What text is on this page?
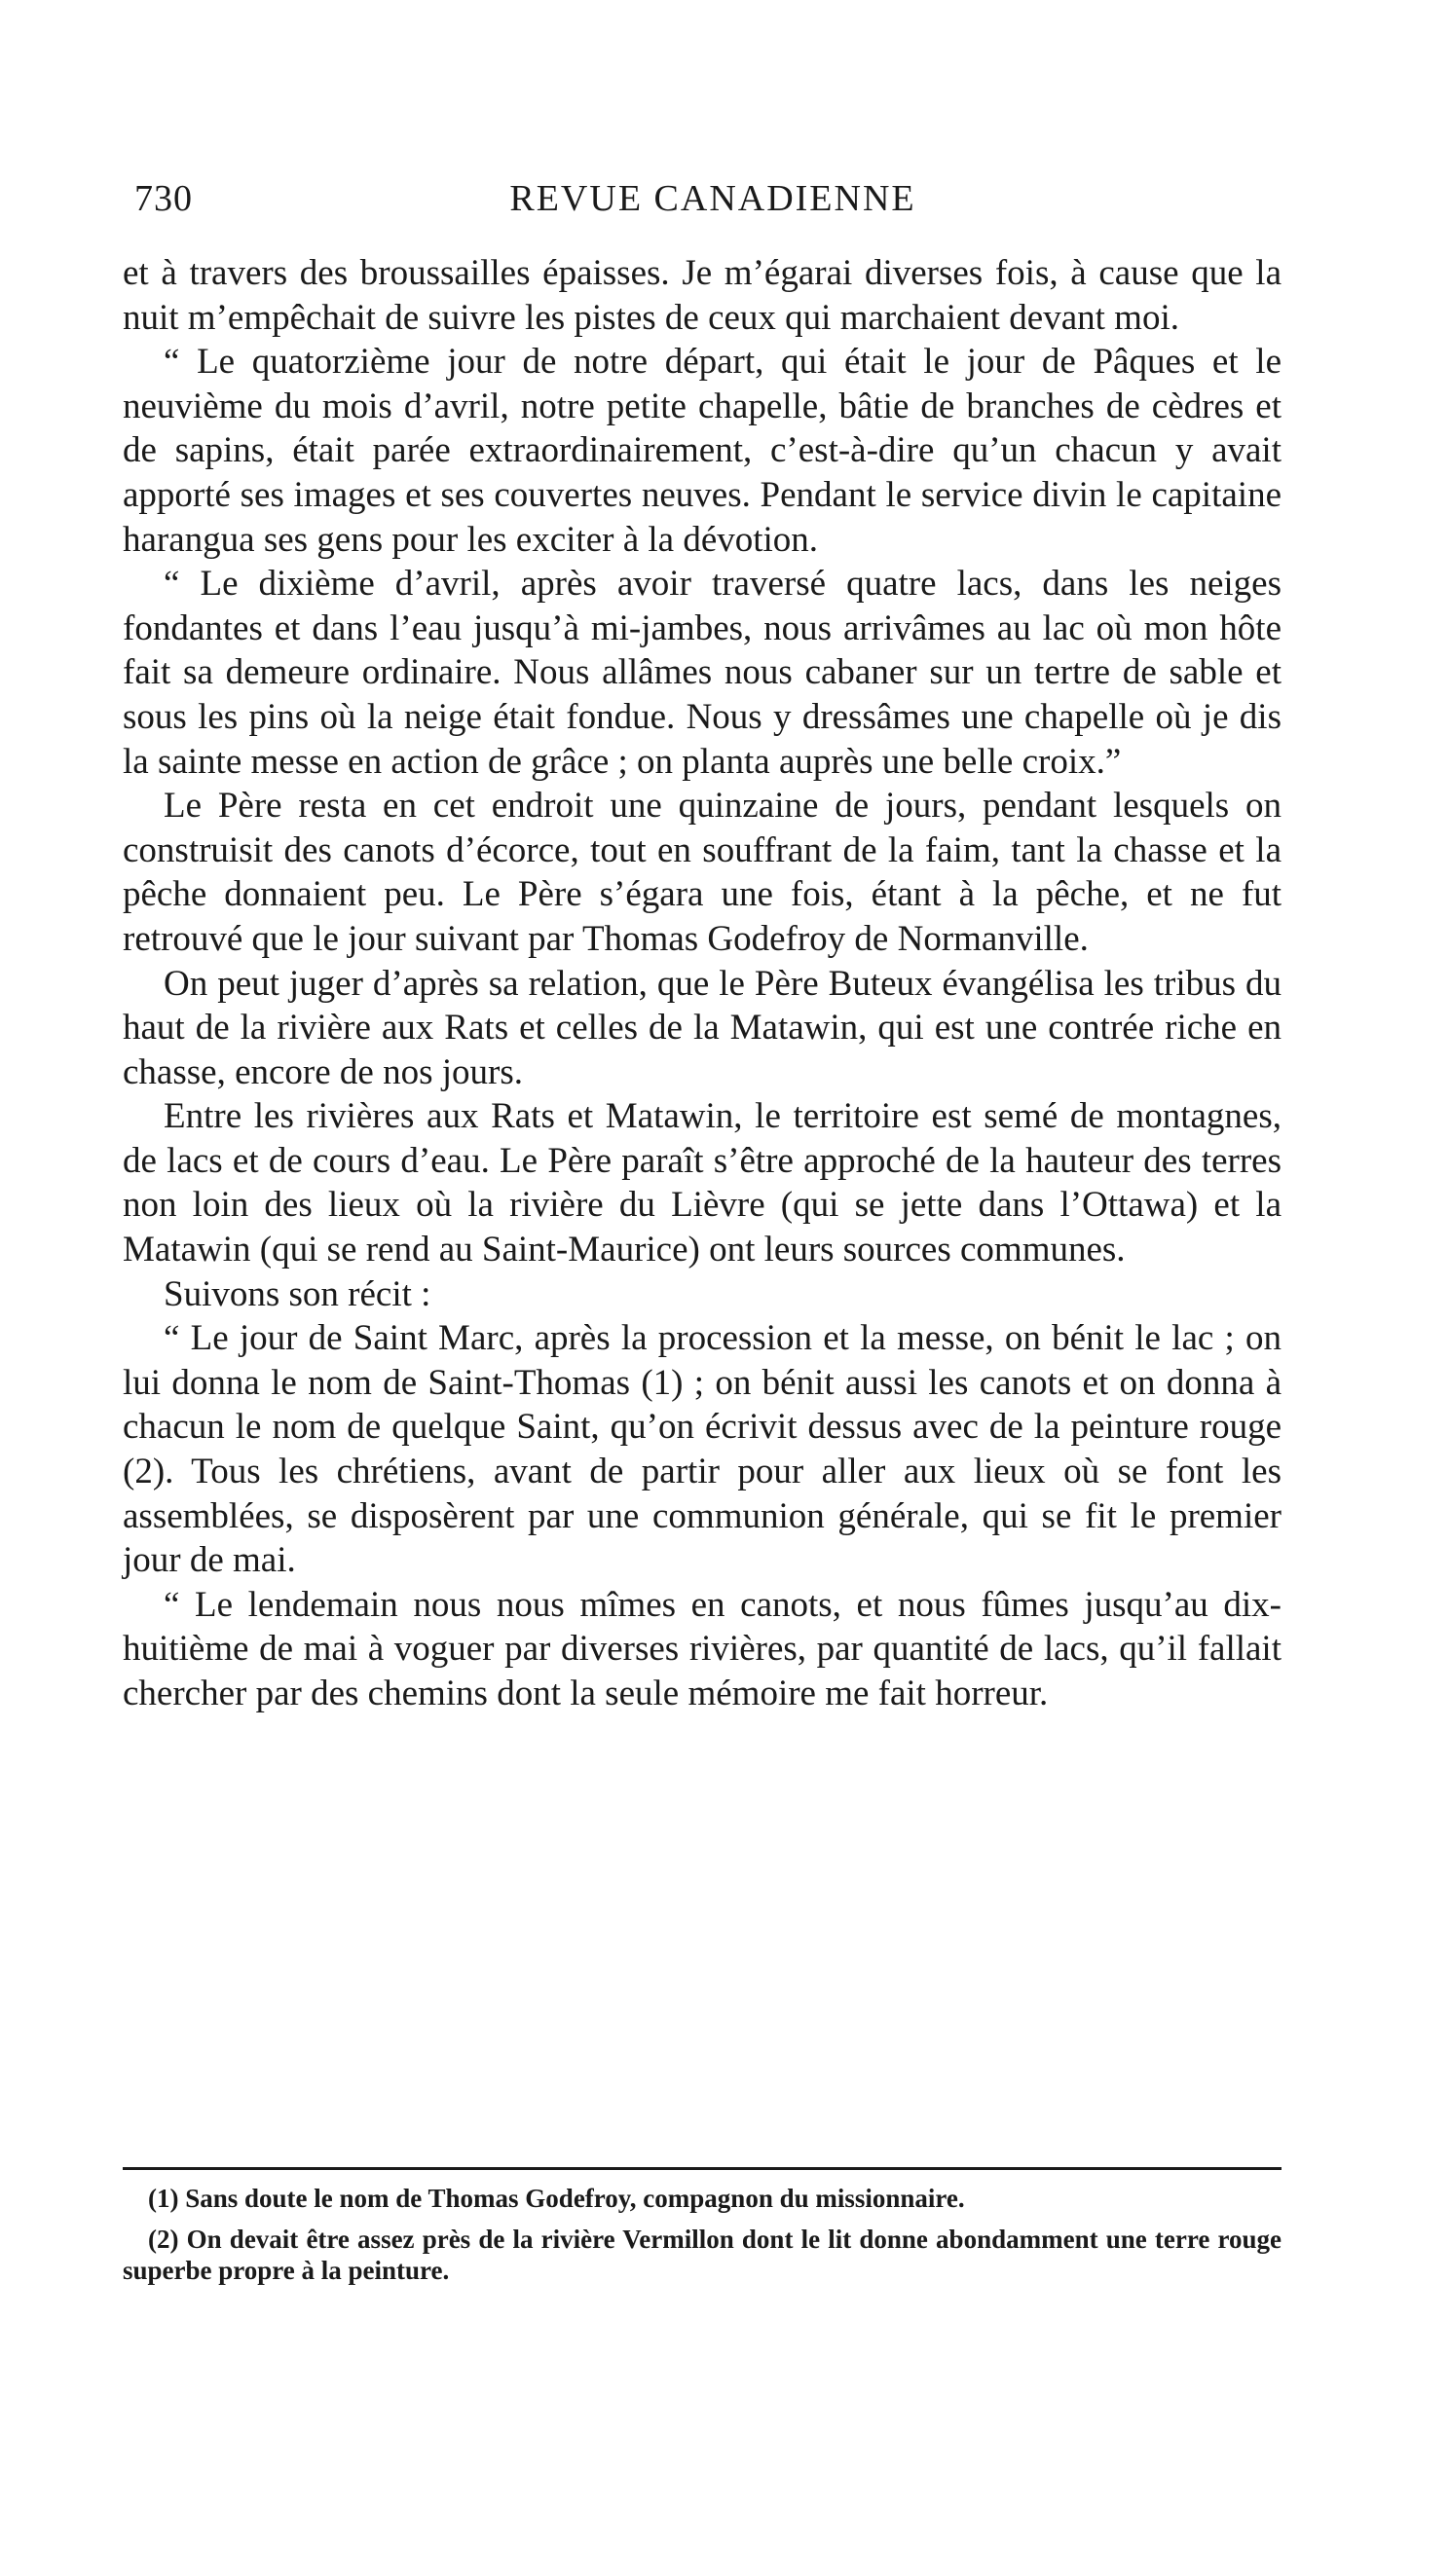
730	REVUE CANADIENNE

et à travers des broussailles épaisses. Je m’égarai diverses fois, à cause que la nuit m’empêchait de suivre les pistes de ceux qui marchaient devant moi.

“ Le quatorzième jour de notre départ, qui était le jour de Pâques et le neuvième du mois d’avril, notre petite chapelle, bâtie de branches de cèdres et de sapins, était parée extraordinairement, c’est-à-dire qu’un chacun y avait apporté ses images et ses couvertes neuves. Pendant le service divin le capitaine harangua ses gens pour les exciter à la dévotion.

“ Le dixième d’avril, après avoir traversé quatre lacs, dans les neiges fondantes et dans l’eau jusqu’à mi-jambes, nous arrivâmes au lac où mon hôte fait sa demeure ordinaire. Nous allâmes nous cabaner sur un tertre de sable et sous les pins où la neige était fondue. Nous y dressâmes une chapelle où je dis la sainte messe en action de grâce ; on planta auprès une belle croix.”

Le Père resta en cet endroit une quinzaine de jours, pendant lesquels on construisit des canots d’écorce, tout en souffrant de la faim, tant la chasse et la pêche donnaient peu. Le Père s’égara une fois, étant à la pêche, et ne fut retrouvé que le jour suivant par Thomas Godefroy de Normanville.

On peut juger d’après sa relation, que le Père Buteux évangélisa les tribus du haut de la rivière aux Rats et celles de la Matawin, qui est une contrée riche en chasse, encore de nos jours.

Entre les rivières aux Rats et Matawin, le territoire est semé de montagnes, de lacs et de cours d’eau. Le Père paraît s’être approché de la hauteur des terres non loin des lieux où la rivière du Lièvre (qui se jette dans l’Ottawa) et la Matawin (qui se rend au Saint-Maurice) ont leurs sources communes.

Suivons son récit :

“ Le jour de Saint Marc, après la procession et la messe, on bénit le lac ; on lui donna le nom de Saint-Thomas (1) ; on bénit aussi les canots et on donna à chacun le nom de quelque Saint, qu’on écrivit dessus avec de la peinture rouge (2). Tous les chrétiens, avant de partir pour aller aux lieux où se font les assemblées, se disposèrent par une communion générale, qui se fit le premier jour de mai.

“ Le lendemain nous nous mîmes en canots, et nous fûmes jusqu’au dix-huitième de mai à voguer par diverses rivières, par quantité de lacs, qu’il fallait chercher par des chemins dont la seule mémoire me fait horreur.

(1) Sans doute le nom de Thomas Godefroy, compagnon du missionnaire.

(2) On devait être assez près de la rivière Vermillon dont le lit donne abondamment une terre rouge superbe propre à la peinture.
